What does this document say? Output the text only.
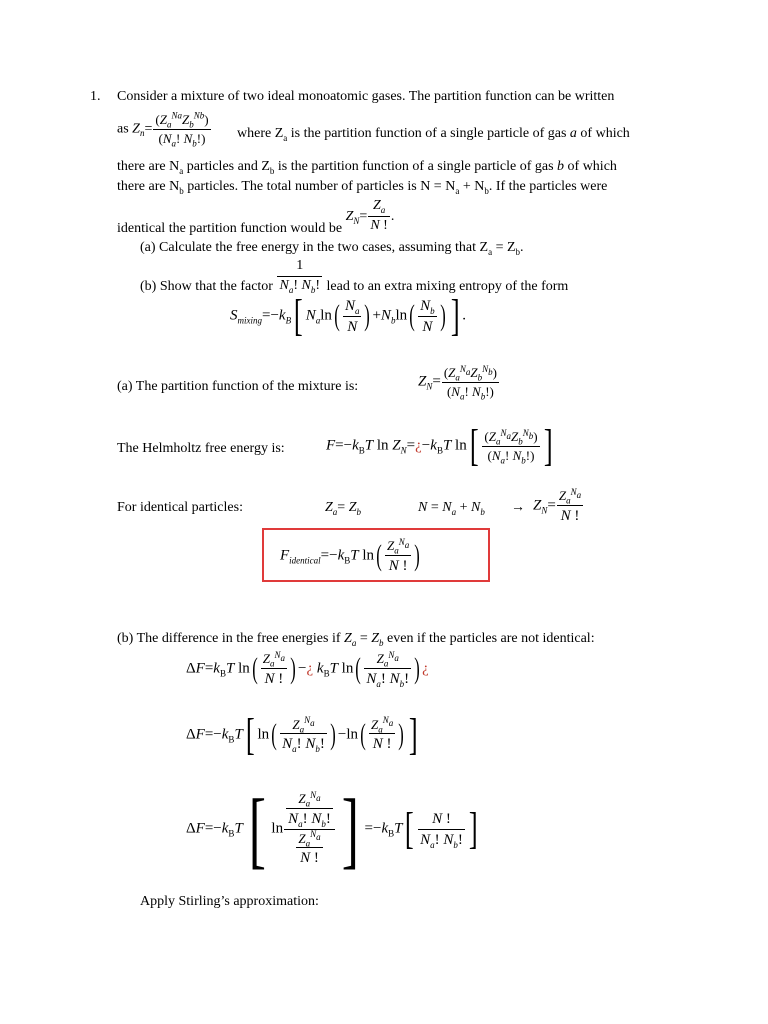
1. Consider a mixture of two ideal monoatomic gases. The partition function can be written
as $Z_n= \frac{(Z_a^{Na}Z_b^{Nb})}{(N_a! N_b!)}$ where $Z_a$ is the partition function of a single particle of gas a of which
there are $N_a$ particles and $Z_b$ is the partition function of a single particle of gas b of which
there are $N_b$ particles. The total number of particles is $N = N_a + N_b$. If the particles were
identical the partition function would be $Z_N= \frac{Z_a}{N !}$ .
(a) Calculate the free energy in the two cases, assuming that $Z_a = Z_b$.
(b) Show that the factor $\frac{1}{N_a! N_b!}$ lead to an extra mixing entropy of the form
$S_{mixing}=-k_B$[ $N_a\ln( \frac{N_a}{N}$ ) $+N_b\ln( \frac{N_b}{N}$ ) ] .
(a) The partition function of the mixture is:	$Z_N= \frac{(Z_a^{N_a}Z_b^{N_b})}{(N_a! N_b!)}$
The Helmholtz free energy is:	$F=-k_BT$ $\ln Z_N=¿-k_BT$ $\ln[ \frac{(Z_a^{N_a}Z_b^{N_b})}{(N_a! N_b!)}$ ]
For identical particles:	$Z_a= Z_b$	$N = N_a + N_b \to Z_N= \frac{Z_a^{N_a}}{N !}$
$F_{identical}=-k_BT$ $\ln( \frac{Z_a^{N_a}}{N !}$ )
(b) The difference in the free energies if $Z_a = Z_b$ even if the particles are not identical:
$\Delta F=k_BT$ $\ln( \frac{Z_a^{N_a}}{N !}$ ) −¿ $k_BT$ $\ln( \frac{Z_a^{N_a}}{N_a! N_b!}$ ) ¿
$\Delta F=-k_BT$[ $\ln( \frac{Z_a^{N_a}}{N_a! N_b!}$ ) $-\ln( \frac{Z_a^{N_a}}{N !}$ ) ]
$\Delta F=-k_BT$[ $\ln \frac{\frac{Z_a^{N_a}}{N_a! N_b!}}{\frac{Z_a^{N_a}}{N !}}$ ] $=-k_BT[ \frac{N !}{N_a! N_b!}$ ]
Apply Stirling’s approximation:
